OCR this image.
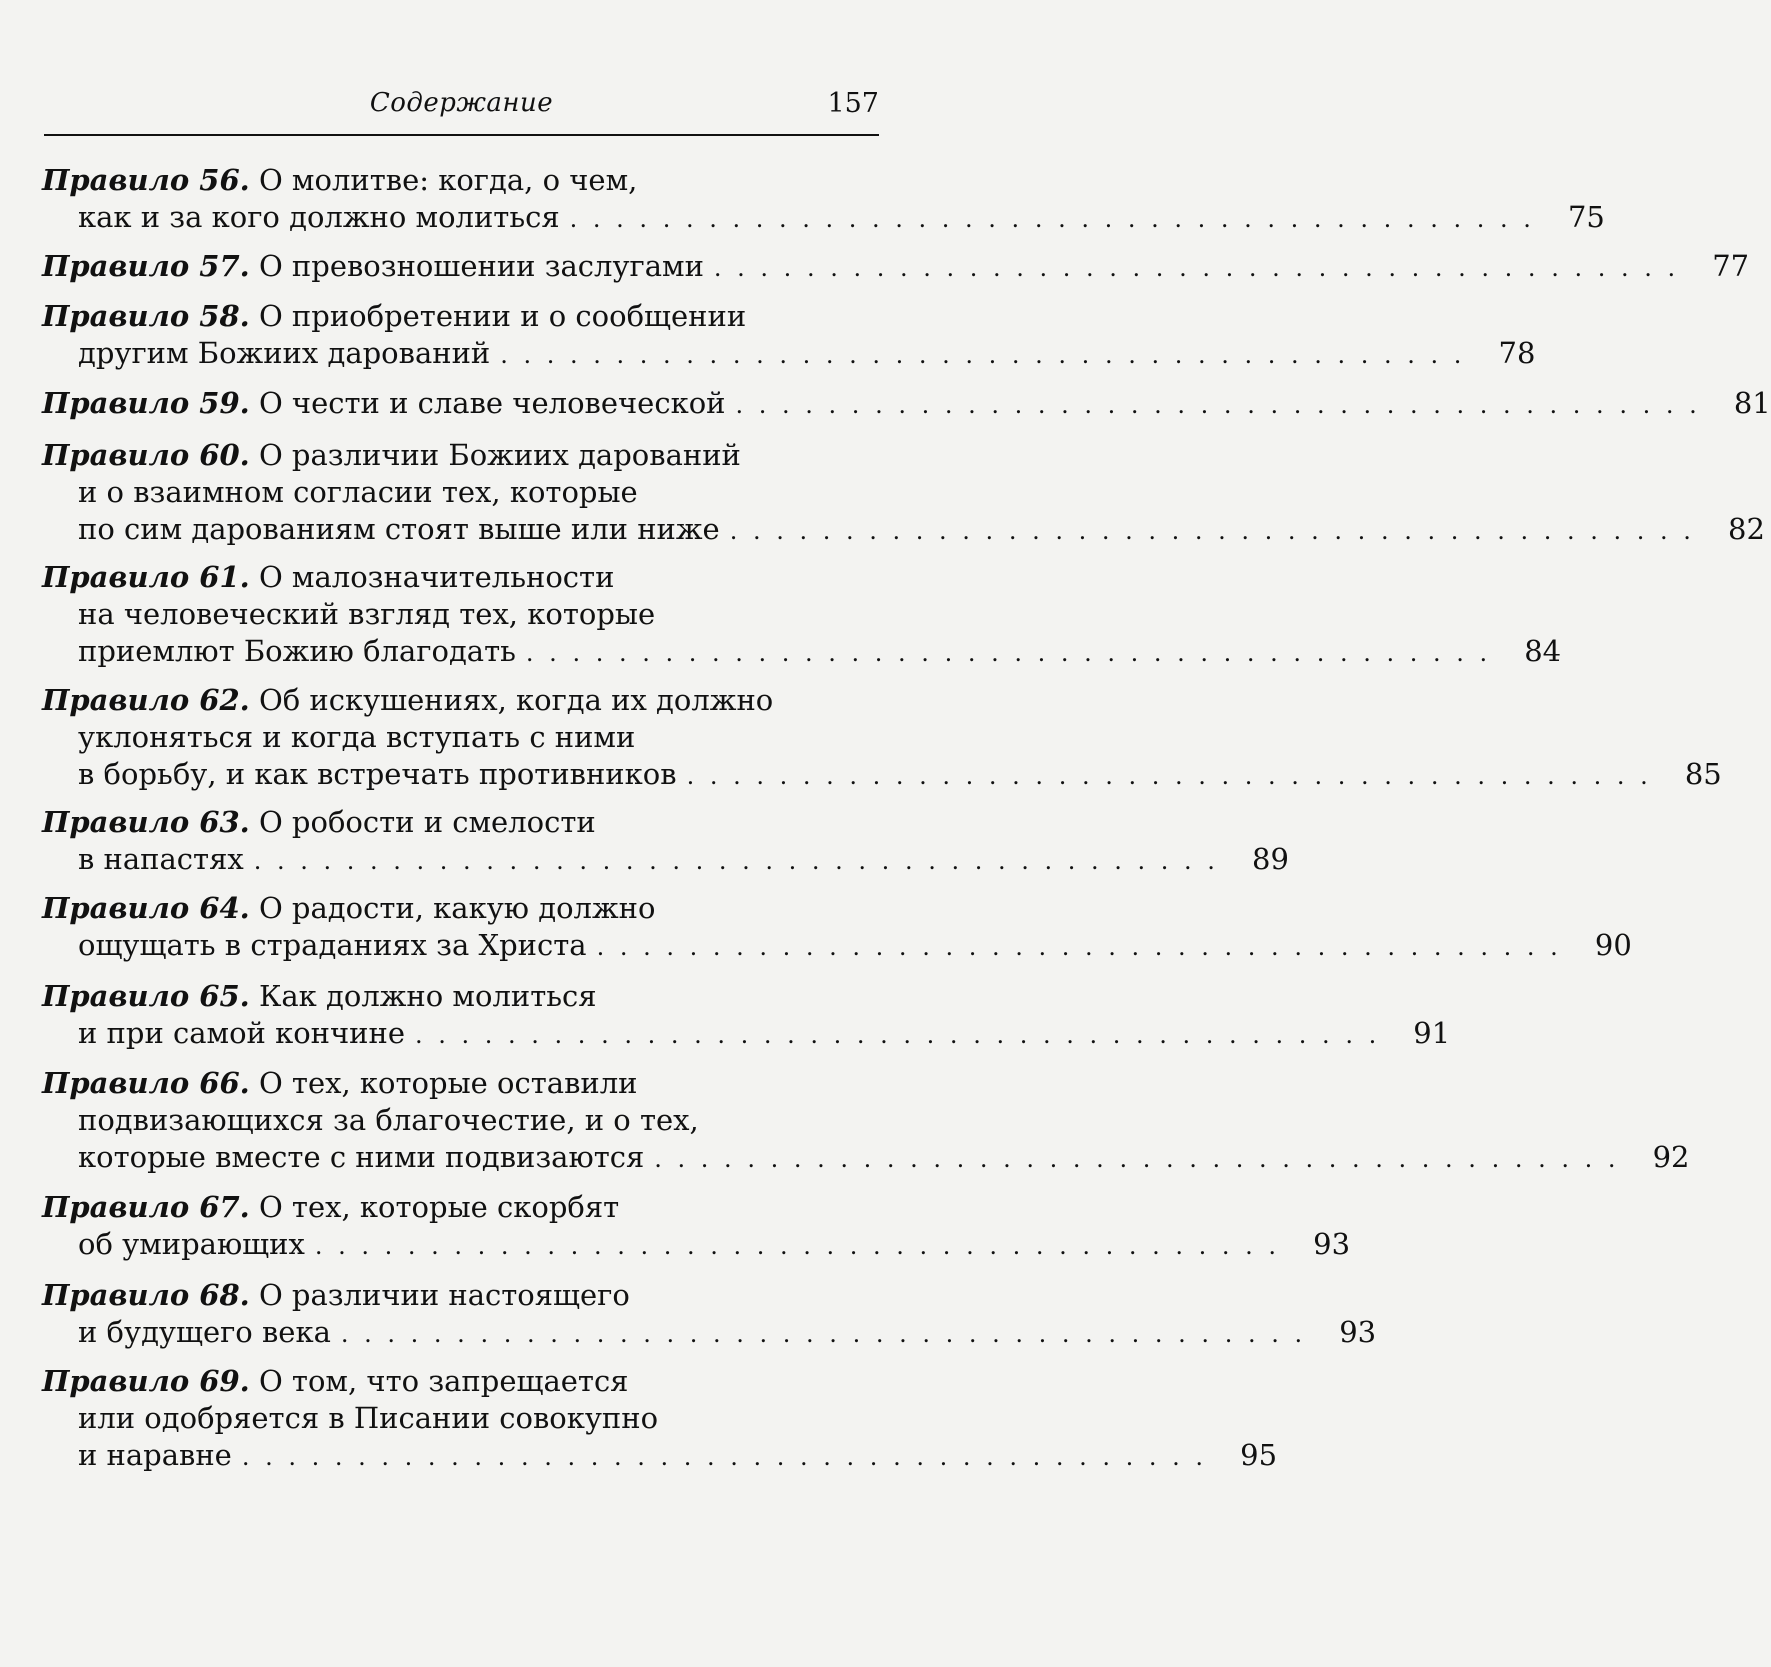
Содержание	157
Правило 56. О молитве: когда, о чем,
как и за кого должно молиться . . . . . . . . . . . . . . . . . . . . . . . . . . . . . . . . . . . . . . . . . .	75
Правило 57. О превозношении заслугами . . . . . . . . . . . . . . . . . . . . . . . . . . . . . . . . . . . . . . . . . .	77
Правило 58. О приобретении и о сообщении
другим Божиих дарований . . . . . . . . . . . . . . . . . . . . . . . . . . . . . . . . . . . . . . . . . .	78
Правило 59. О чести и славе человеческой . . . . . . . . . . . . . . . . . . . . . . . . . . . . . . . . . . . . . . . . . .	81
Правило 60. О различии Божиих дарований
и о взаимном согласии тех, которые
по сим дарованиям стоят выше или ниже . . . . . . . . . . . . . . . . . . . . . . . . . . . . . . . . . . . . . . . . . .	82
Правило 61. О малозначительности
на человеческий взгляд тех, которые
приемлют Божию благодать . . . . . . . . . . . . . . . . . . . . . . . . . . . . . . . . . . . . . . . . . .	84
Правило 62. Об искушениях, когда их должно
уклоняться и когда вступать с ними
в борьбу, и как встречать противников . . . . . . . . . . . . . . . . . . . . . . . . . . . . . . . . . . . . . . . . . .	85
Правило 63. О робости и смелости
в напастях . . . . . . . . . . . . . . . . . . . . . . . . . . . . . . . . . . . . . . . . . .	89
Правило 64. О радости, какую должно
ощущать в страданиях за Христа . . . . . . . . . . . . . . . . . . . . . . . . . . . . . . . . . . . . . . . . . .	90
Правило 65. Как должно молиться
и при самой кончине . . . . . . . . . . . . . . . . . . . . . . . . . . . . . . . . . . . . . . . . . .	91
Правило 66. О тех, которые оставили
подвизающихся за благочестие, и о тех,
которые вместе с ними подвизаются . . . . . . . . . . . . . . . . . . . . . . . . . . . . . . . . . . . . . . . . . .	92
Правило 67. О тех, которые скорбят
об умирающих . . . . . . . . . . . . . . . . . . . . . . . . . . . . . . . . . . . . . . . . . .	93
Правило 68. О различии настоящего
и будущего века . . . . . . . . . . . . . . . . . . . . . . . . . . . . . . . . . . . . . . . . . .	93
Правило 69. О том, что запрещается
или одобряется в Писании совокупно
и наравне . . . . . . . . . . . . . . . . . . . . . . . . . . . . . . . . . . . . . . . . . .	95
